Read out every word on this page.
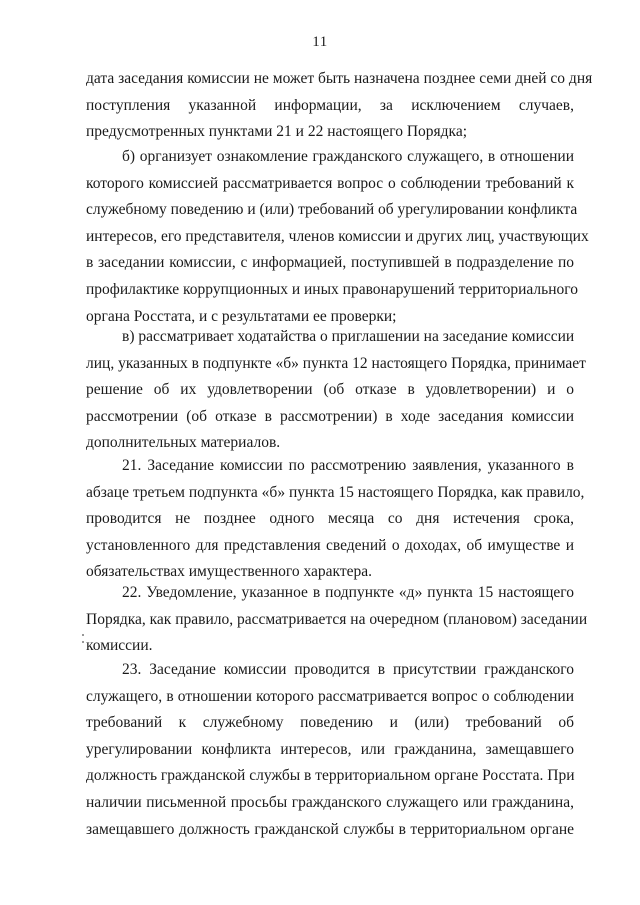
11
дата заседания комиссии не может быть назначена позднее семи дней со дня
поступления указанной информации, за исключением случаев,
предусмотренных пунктами 21 и 22 настоящего Порядка;
б) организует ознакомление гражданского служащего, в отношении
которого комиссией рассматривается вопрос о соблюдении требований к
служебному поведению и (или) требований об урегулировании конфликта
интересов, его представителя, членов комиссии и других лиц, участвующих
в заседании комиссии, с информацией, поступившей в подразделение по
профилактике коррупционных и иных правонарушений территориального
органа Росстата, и с результатами ее проверки;
в) рассматривает ходатайства о приглашении на заседание комиссии
лиц, указанных в подпункте «б» пункта 12 настоящего Порядка, принимает
решение об их удовлетворении (об отказе в удовлетворении) и о
рассмотрении (об отказе в рассмотрении) в ходе заседания комиссии
дополнительных материалов.
21. Заседание комиссии по рассмотрению заявления, указанного в
абзаце третьем подпункта «б» пункта 15 настоящего Порядка, как правило,
проводится не позднее одного месяца со дня истечения срока,
установленного для представления сведений о доходах, об имуществе и
обязательствах имущественного характера.
22. Уведомление, указанное в подпункте «д» пункта 15 настоящего
Порядка, как правило, рассматривается на очередном (плановом) заседании
комиссии.
23. Заседание комиссии проводится в присутствии гражданского
служащего, в отношении которого рассматривается вопрос о соблюдении
требований к служебному поведению и (или) требований об
урегулировании конфликта интересов, или гражданина, замещавшего
должность гражданской службы в территориальном органе Росстата. При
наличии письменной просьбы гражданского служащего или гражданина,
замещавшего должность гражданской службы в территориальном органе
